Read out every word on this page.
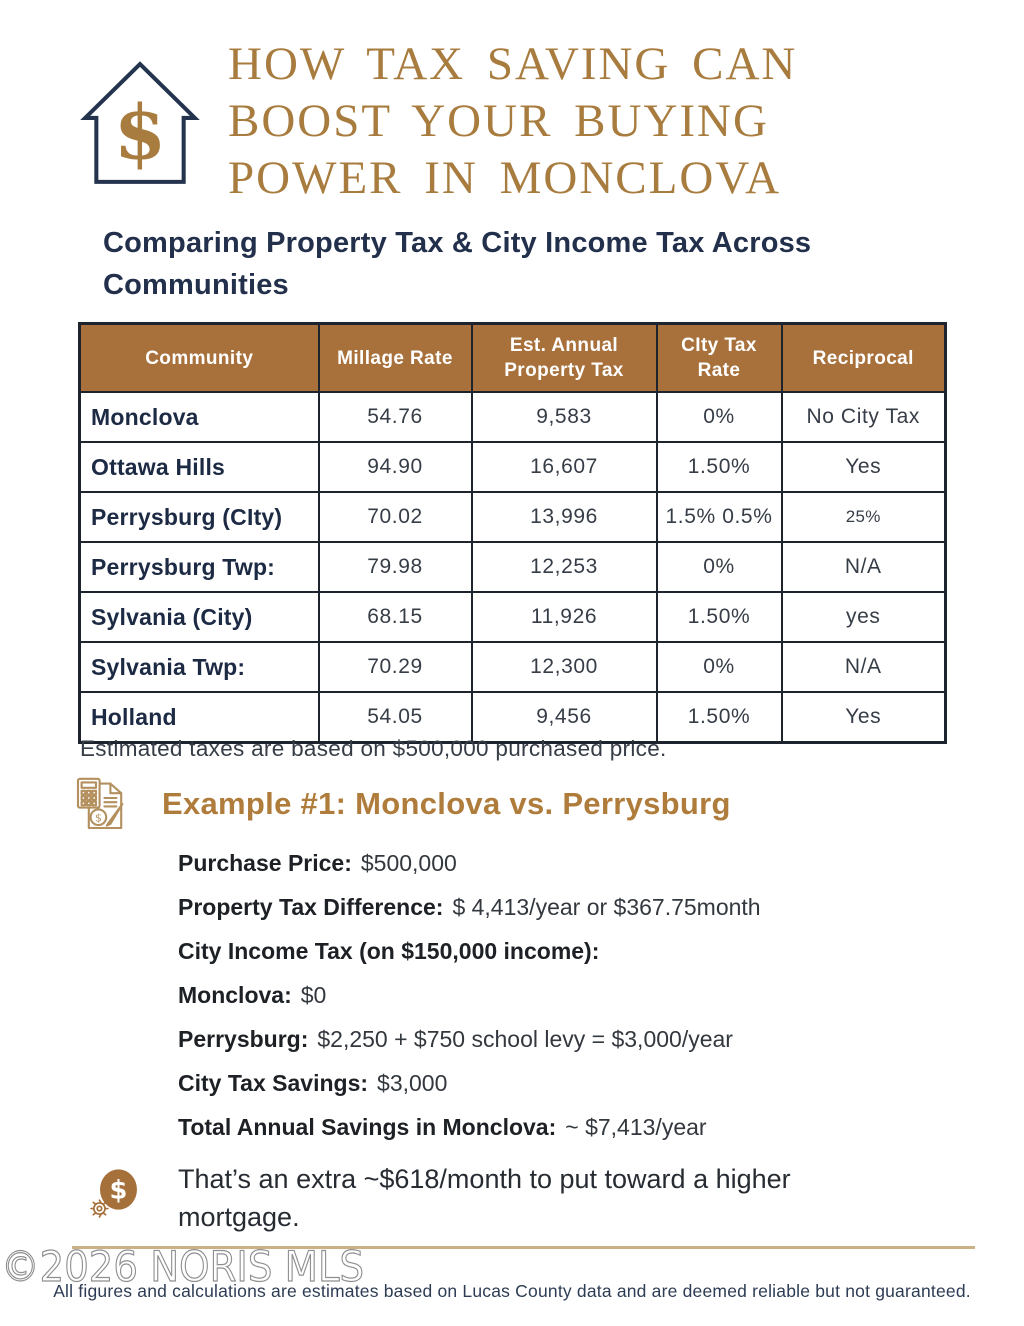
$
HOW TAX SAVING CAN
BOOST YOUR BUYING
POWER IN MONCLOVA
Comparing Property Tax & City Income Tax Across Communities
Community	Millage Rate	Est. Annual Property Tax	CIty Tax Rate	Reciprocal
Monclova	54.76	9,583	0%	No City Tax
Ottawa Hills	94.90	16,607	1.50%	Yes
Perrysburg (CIty)	70.02	13,996	1.5% 0.5%	25%
Perrysburg Twp:	79.98	12,253	0%	N/A
Sylvania (City)	68.15	11,926	1.50%	yes
Sylvania Twp:	70.29	12,300	0%	N/A
Holland	54.05	9,456	1.50%	Yes
Estimated taxes are based on $500,000 purchased price.
$ Example #1: Monclova vs. Perrysburg

Purchase Price: $500,000

Property Tax Difference: $ 4,413/year or $367.75month

City Income Tax (on $150,000 income):

Monclova: $0

Perrysburg: $2,250 + $750 school levy = $3,000/year

City Tax Savings: $3,000

Total Annual Savings in Monclova: ~ $7,413/year

$ That’s an extra ~$618/month to put toward a higher mortgage.
©2026 NORIS MLS
All figures and calculations are estimates based on Lucas County data and are deemed reliable but not guaranteed.
